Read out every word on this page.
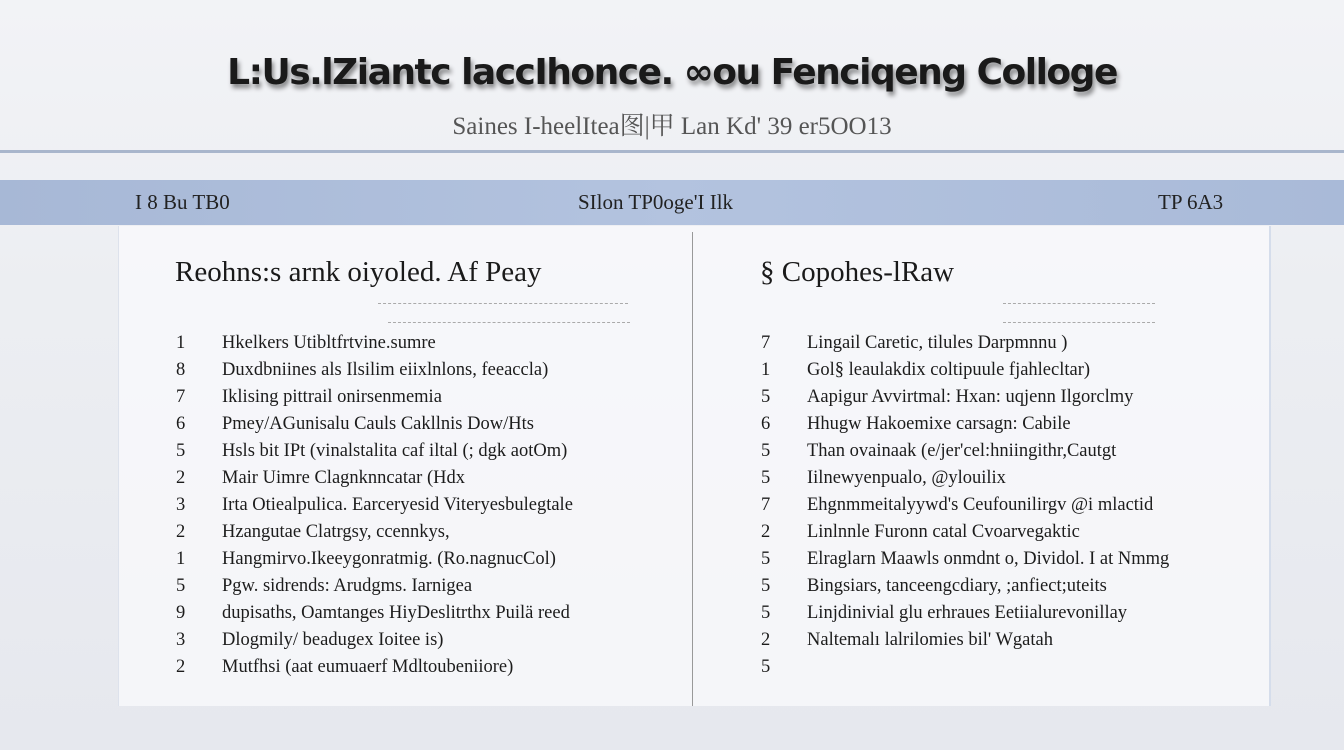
L:Us.lZiantc laccIhonce. ∞ou Fenciqeng Collоge
Saines I-heelItea图|甲 Lan Kd' 39 er5OO13
I 8 Bu TB0	SIlon TP0oge'I Ilk	TP 6A3
Reohns:s arnk oiyoled. Af Peay	§ Copohes-lRaw
1 Hkelkers Utibltfrtvine.sumre
8 Duxdbniines als Ilsilim eiixlnlons, feeaccla)
7 Iklising pittrail onirsenmemia
6 Pmey/AGunisalu Cauls Cakllnis Dow/Hts
5 Hsls bit IPt (vinalstalita caf iltal (; dgk aotOm)
2 Mair Uimre Clagnknncatar (Hdx
3 Irta Otiealpulica. Earceryesid Viteryesbulegtale
2 Hzangutae Clatrgsy, ccennkys,
1 Hangmirvo.Ikeeygonratmig. (Ro.nagnucCol)
5 Pgw. sidrends: Arudgms. Iarnigea
9 dupisaths, Oamtanges HiyDeslitrthx Puilä reed
3 Dlogmily/ beadugex Ioitee is)
2 Mutfhsi (aat eumuaerf Mdltoubeniiore)
7 Lingail Caretic, tilules Darpmnnu )
1 Gol§ leaulakdix coltipuule fjahlecltar)
5 Aapigur Avvirtmal: Hxan: uqjenn Ilgorclmy
6 Hhugw Hakoemixe carsagn: Cabile
5 Than ovainaak (e/jer'cel:hniingithr,Cautgt
5 Iilnewyenpualo, @ylouilix
7 Ehgnmmeitalyywd's Ceufounilirgv @i mlactid
2 Linlnnle Furonn catal Cvoarvegaktic
5 Elraglarn Maawls onmdnt o, Dividol. I at Nmmg
5 Bingsiars, tanceengcdiary, ;anfiect;uteits
5 Linjdinivial glu erhraues Eetiialurevonillay
2 Naltemalı lalrilomies bil' Wgatah
5
